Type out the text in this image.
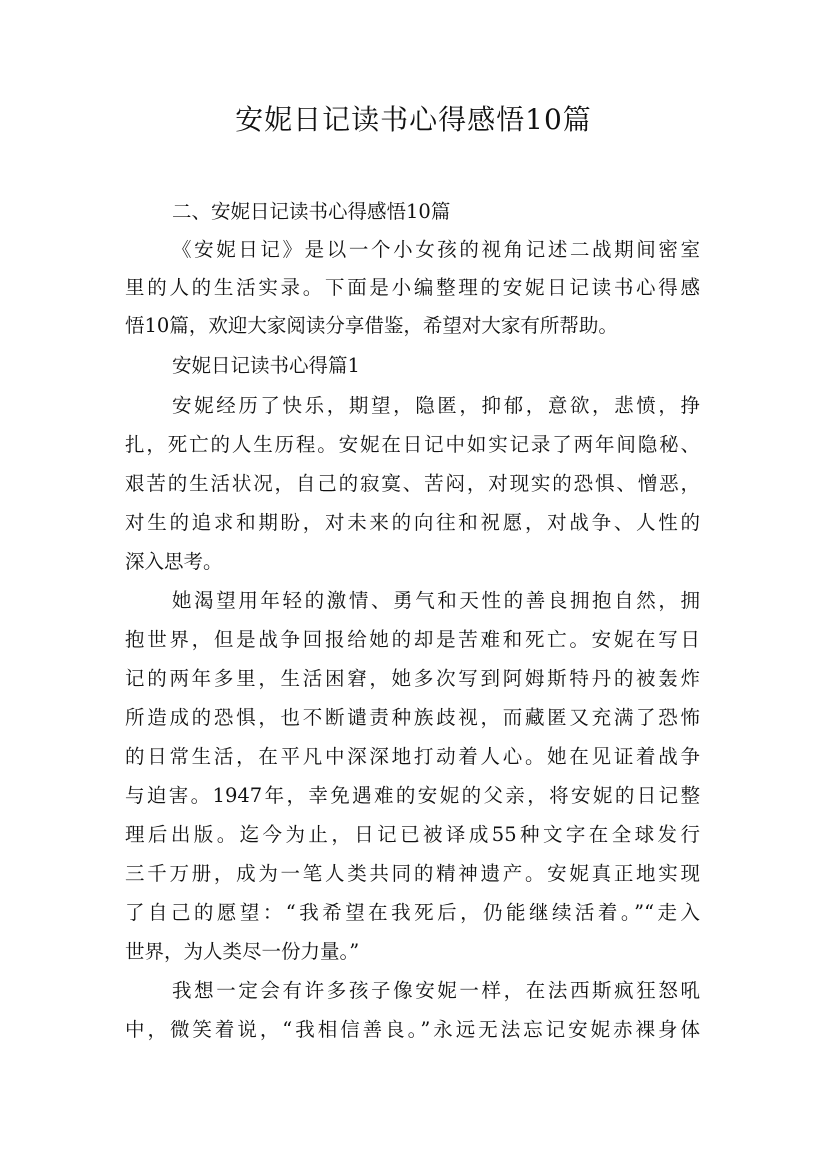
安妮日记读书心得感悟10篇
二、安妮日记读书心得感悟10篇
《安妮日记》是以一个小女孩的视角记述二战期间密室
里的人的生活实录。下面是小编整理的安妮日记读书心得感
悟10篇，欢迎大家阅读分享借鉴，希望对大家有所帮助。
安妮日记读书心得篇1
安妮经历了快乐，期望，隐匿，抑郁，意欲，悲愤，挣
扎，死亡的人生历程。安妮在日记中如实记录了两年间隐秘、
艰苦的生活状况，自己的寂寞、苦闷，对现实的恐惧、憎恶，
对生的追求和期盼，对未来的向往和祝愿，对战争、人性的
深入思考。
她渴望用年轻的激情、勇气和天性的善良拥抱自然，拥
抱世界，但是战争回报给她的却是苦难和死亡。安妮在写日
记的两年多里，生活困窘，她多次写到阿姆斯特丹的被轰炸
所造成的恐惧，也不断谴责种族歧视，而藏匿又充满了恐怖
的日常生活，在平凡中深深地打动着人心。她在见证着战争
与迫害。1947年，幸免遇难的安妮的父亲，将安妮的日记整
理后出版。迄今为止，日记已被译成55种文字在全球发行
三千万册，成为一笔人类共同的精神遗产。安妮真正地实现
了自己的愿望：“我希望在我死后，仍能继续活着。”“走入
世界，为人类尽一份力量。”
我想一定会有许多孩子像安妮一样，在法西斯疯狂怒吼
中，微笑着说，“我相信善良。”永远无法忘记安妮赤裸身体
